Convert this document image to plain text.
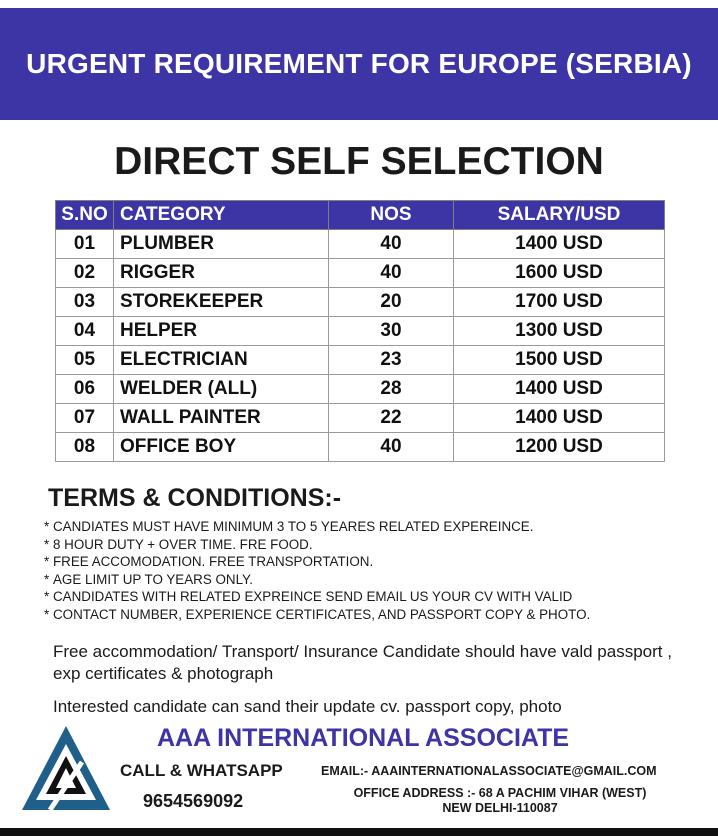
URGENT REQUIREMENT FOR EUROPE (SERBIA)
DIRECT SELF SELECTION
S.NO	CATEGORY	NOS	SALARY/USD
01	PLUMBER	40	1400 USD
02	RIGGER	40	1600 USD
03	STOREKEEPER	20	1700 USD
04	HELPER	30	1300 USD
05	ELECTRICIAN	23	1500 USD
06	WELDER (ALL)	28	1400 USD
07	WALL PAINTER	22	1400 USD
08	OFFICE BOY	40	1200 USD
TERMS & CONDITIONS:-
* CANDIATES MUST HAVE MINIMUM 3 TO 5 YEARES RELATED EXPEREINCE.
* 8 HOUR DUTY + OVER TIME. FRE FOOD.
* FREE ACCOMODATION. FREE TRANSPORTATION.
* AGE LIMIT UP TO YEARS ONLY.
* CANDIDATES WITH RELATED EXPREINCE SEND EMAIL US YOUR CV WITH VALID
* CONTACT NUMBER, EXPERIENCE CERTIFICATES, AND PASSPORT COPY & PHOTO.

Free accommodation/ Transport/ Insurance Candidate should have vald passport , exp certificates & photograph

Interested candidate can sand their update cv. passport copy, photo

AAA INTERNATIONAL ASSOCIATE

CALL & WHATSAPP

9654569092

EMAIL:- AAAINTERNATIONALASSOCIATE@GMAIL.COM

OFFICE ADDRESS :- 68 A PACHIM VIHAR (WEST)
NEW DELHI-110087
